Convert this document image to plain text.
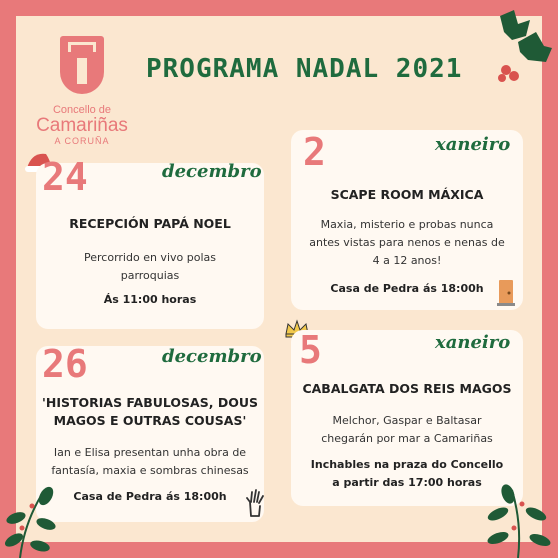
Concello de
Camariñas
A CORUÑA
PROGRAMA NADAL 2021
24	decembro
RECEPCIÓN PAPÁ NOEL
Percorrido en vivo polas
parroquias
Ás 11:00 horas
2	xaneiro
SCAPE ROOM MÁXICA
Maxia, misterio e probas nunca
antes vistas para nenos e nenas de
4 a 12 anos!
Casa de Pedra ás 18:00h
26	decembro
'HISTORIAS FABULOSAS, DOUS
MAGOS E OUTRAS COUSAS'
Ian e Elisa presentan unha obra de
fantasía, maxia e sombras chinesas
Casa de Pedra ás 18:00h
5	xaneiro
CABALGATA DOS REIS MAGOS
Melchor, Gaspar e Baltasar
chegarán por mar a Camariñas
Inchables na praza do Concello
a partir das 17:00 horas
